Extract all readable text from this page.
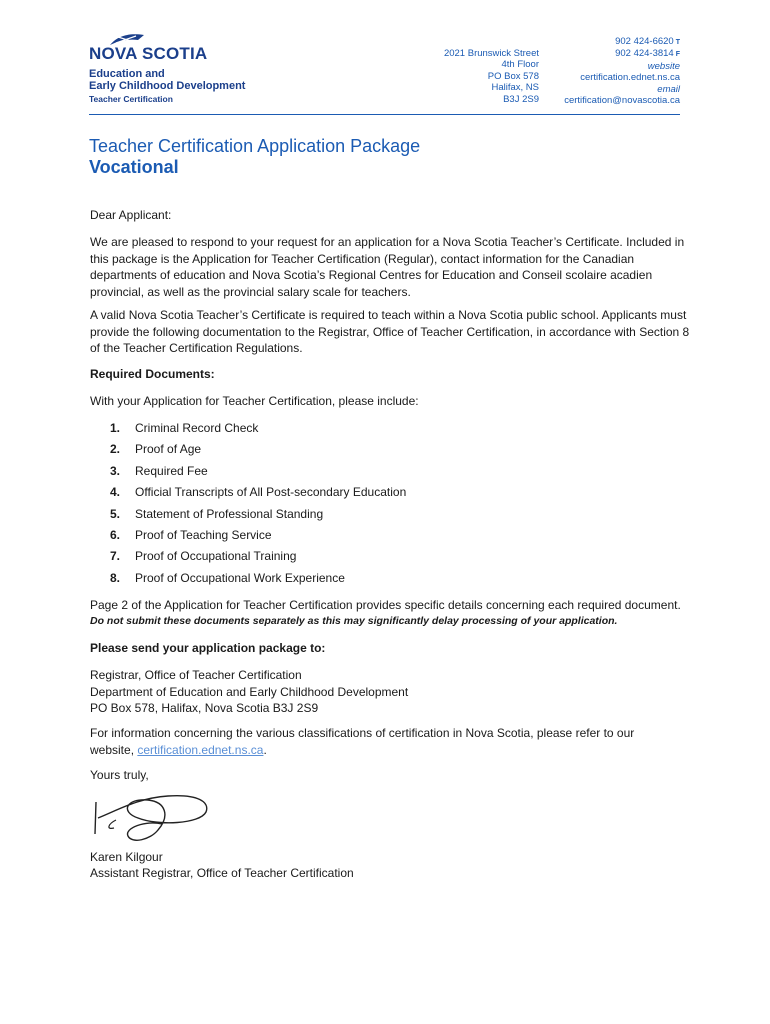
NOVA SCOTIA
Education and
Early Childhood Development
Teacher Certification
2021 Brunswick Street
4th Floor
PO Box 578
Halifax, NS
B3J 2S9
902 424-6620 T
902 424-3814 F
website
certification.ednet.ns.ca
email
certification@novascotia.ca
Teacher Certification Application Package
Vocational
Dear Applicant:
We are pleased to respond to your request for an application for a Nova Scotia Teacher’s Certificate. Included in this package is the Application for Teacher Certification (Regular), contact information for the Canadian departments of education and Nova Scotia’s Regional Centres for Education and Conseil scolaire acadien provincial, as well as the provincial salary scale for teachers.
A valid Nova Scotia Teacher’s Certificate is required to teach within a Nova Scotia public school. Applicants must provide the following documentation to the Registrar, Office of Teacher Certification, in accordance with Section 8 of the Teacher Certification Regulations.
Required Documents:
With your Application for Teacher Certification, please include:
1. Criminal Record Check
2. Proof of Age
3. Required Fee
4. Official Transcripts of All Post-secondary Education
5. Statement of Professional Standing
6. Proof of Teaching Service
7. Proof of Occupational Training
8. Proof of Occupational Work Experience
Page 2 of the Application for Teacher Certification provides specific details concerning each required document.
Do not submit these documents separately as this may significantly delay processing of your application.
Please send your application package to:
Registrar, Office of Teacher Certification
Department of Education and Early Childhood Development
PO Box 578, Halifax, Nova Scotia B3J 2S9
For information concerning the various classifications of certification in Nova Scotia, please refer to our website, certification.ednet.ns.ca.
Yours truly,
Karen Kilgour
Assistant Registrar, Office of Teacher Certification
